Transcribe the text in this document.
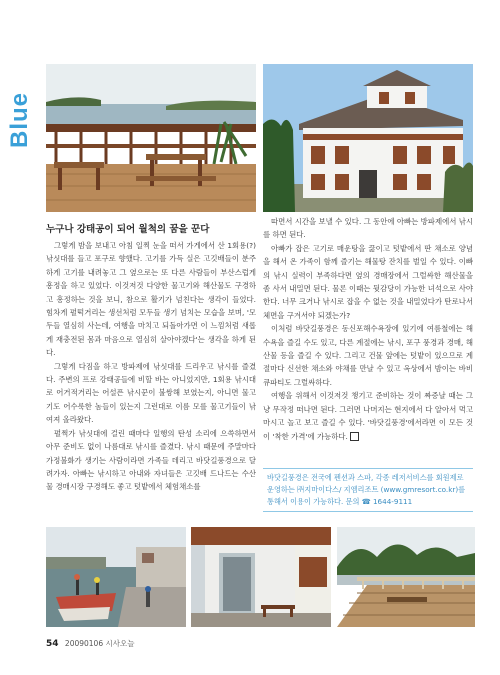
Blue
누구나 강태공이 되어 월척의 꿈을 꾼다

그렇게 밤을 보내고 아침 일찍 눈을 떠서 가게에서 산 1회용(?) 낚싯대를 들고 포구로 향했다. 고기를 가득 실은 고깃배들이 분주하게 고기를 내려놓고 그 옆으로는 또 다른 사람들이 부산스럽게 흥정을 하고 있었다. 이것저것 다양한 물고기와 해산물도 구경하고 흥정하는 것을 보니, 참으로 활기가 넘친다는 생각이 들었다. 힘차게 펄떡거리는 생선처럼 모두들 생기 넘치는 모습을 보며, '모두들 열심히 사는데, 여행을 마치고 되돌아가면 이 느낌처럼 새롭게 재충전된 몸과 마음으로 열심히 살아야겠다'는 생각을 하게 된다.

그렇게 다짐을 하고 방파제에 낚싯대를 드리우고 낚시를 즐겼다. 주변의 프로 강태공들에 비할 바는 아니었지만, 1회용 낚시대로 어거적거리는 어설픈 낚시꾼이 불쌍해 보였는지, 아니면 물고기도 어수룩한 놈들이 있는지 그런대로 이름 모를 물고기들이 낚여져 올라왔다.

펄쩍가 낚싯대에 걸린 때마다 일행의 탄성 소리에 으쓱하면서 아무 준비도 없이 나름대로 낚시를 즐겼다. 낚시 때문에 주말마다 가정불화가 생기는 사람이라면 가족들 데리고 바닷길풍경으로 달려가자. 아빠는 낚시하고 아내와 자녀들은 고깃배 드나드는 수산물 경매시장 구경해도 좋고 텃밭에서 체험채소를

따면서 시간을 보낼 수 있다. 그 동안에 아빠는 방파제에서 낚시를 하면 된다.

아빠가 잡은 고기로 매운탕을 끓이고 텃밭에서 딴 채소로 양념을 해서 온 가족이 함께 즐기는 해물탕 잔치를 벌일 수 있다. 이빠의 낚시 실력이 부족하다면 옆의 경매장에서 그럴싸한 해산물을 좀 사서 내밀면 된다. 물론 이때는 뒷감당이 가능한 녀석으로 사야 한다. 너무 크거나 낚시로 잡을 수 없는 것을 내밀었다가 탄로나서 체면을 구겨서야 되겠는가?

이처럼 바닷길풍경은 동신포해수욕장에 있기에 여름철에는 해수욕을 즐길 수도 있고, 다른 계절에는 낚시, 포구 풍경과 경매, 해산물 등을 즐길 수 있다. 그리고 건물 앞에는 텃밭이 있으므로 계절마다 신선한 채소와 야채를 만날 수 있고 옥상에서 밤이는 바비큐파티도 그럴싸하다.

여행을 위해서 이것저것 챙기고 준비하는 것이 짜증날 때는 그냥 무작정 떠나면 된다. 그러면 나머지는 현지에서 다 알아서 먹고 마시고 놀고 보고 즐길 수 있다. '바닷길풍경'에서라면 이 모든 것이 '착한 가격'에 가능하다.

바닷길풍경은 전국에 펜션과 스파, 각종 레저서비스를 회원제로 운영하는 ㈜지마이다스/ 지엠리조트 (www.gmresort.co.kr)를 통해서 이용이 가능하다. 문의 ☎ 1644-9111

54 20090106 시사오늘
